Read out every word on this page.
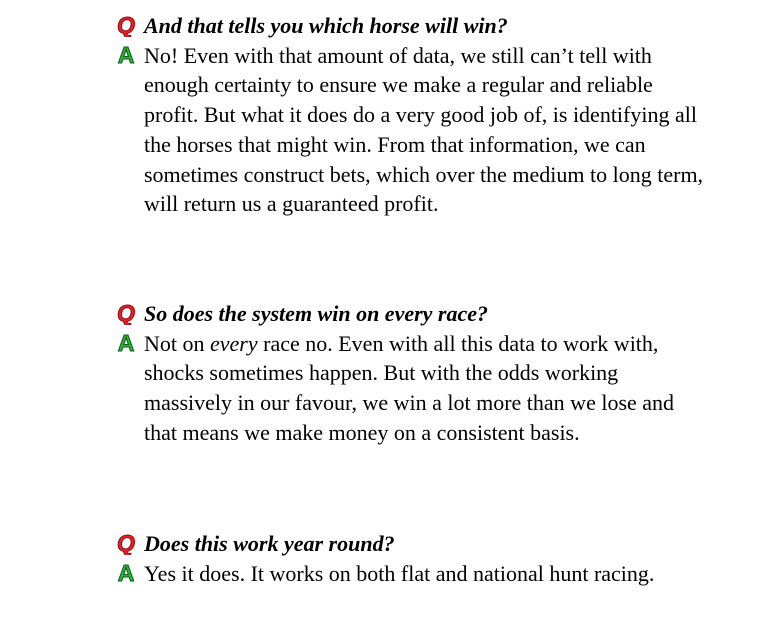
Q And that tells you which horse will win?
A No! Even with that amount of data, we still can’t tell with enough certainty to ensure we make a regular and reliable profit. But what it does do a very good job of, is identifying all the horses that might win. From that information, we can sometimes construct bets, which over the medium to long term, will return us a guaranteed profit.
Q So does the system win on every race?
A Not on every race no. Even with all this data to work with, shocks sometimes happen. But with the odds working massively in our favour, we win a lot more than we lose and that means we make money on a consistent basis.
Q Does this work year round?
A Yes it does. It works on both flat and national hunt racing.
